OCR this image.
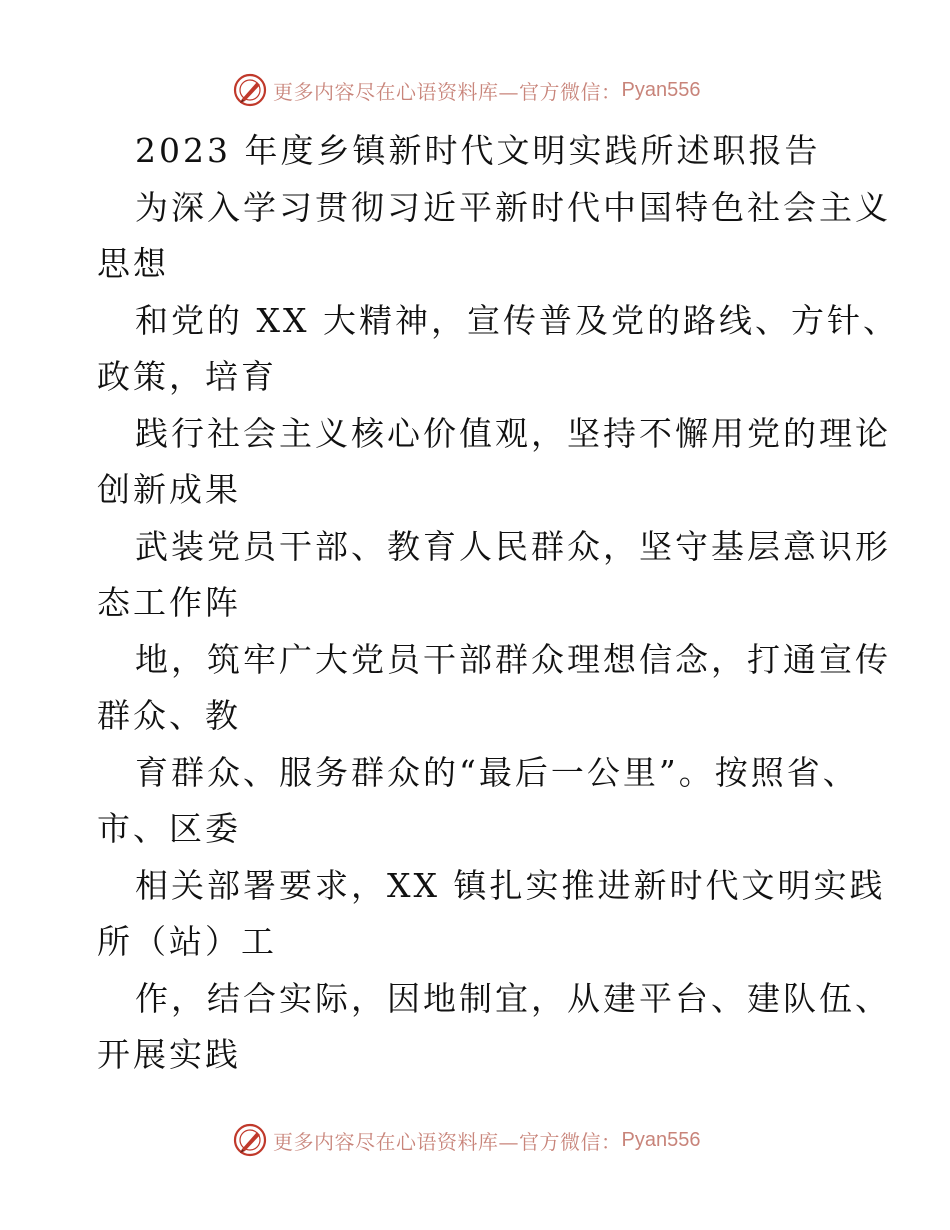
更多内容尽在心语资料库—官方微信： Pyan556
2023 年度乡镇新时代文明实践所述职报告
为深入学习贯彻习近平新时代中国特色社会主义
思想
和党的 XX 大精神，宣传普及党的路线、方针、
政策，培育
践行社会主义核心价值观，坚持不懈用党的理论
创新成果
武装党员干部、教育人民群众，坚守基层意识形
态工作阵
地，筑牢广大党员干部群众理想信念，打通宣传
群众、教
育群众、服务群众的“最后一公里”。按照省、
市、区委
相关部署要求，XX 镇扎实推进新时代文明实践
所（站）工
作，结合实际，因地制宜，从建平台、建队伍、
开展实践
更多内容尽在心语资料库—官方微信： Pyan556
